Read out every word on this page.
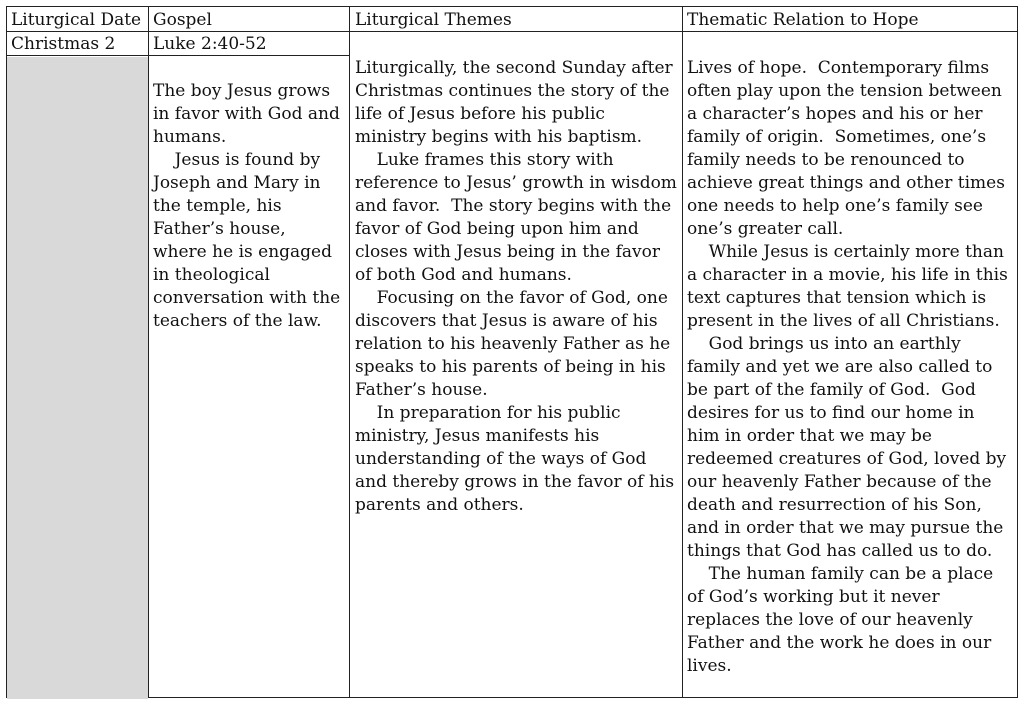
Liturgical Date Gospel	Liturgical Themes	Thematic Relation to Hope
Christmas 2 Luke 2:40-52
The boy Jesus grows
in favor with God and
humans.
Jesus is found by
Joseph and Mary in
the temple, his
Father’s house,
where he is engaged
in theological
conversation with the
teachers of the law.
Liturgically, the second Sunday after
Christmas continues the story of the
life of Jesus before his public
ministry begins with his baptism.
Luke frames this story with
reference to Jesus’ growth in wisdom
and favor.  The story begins with the
favor of God being upon him and
closes with Jesus being in the favor
of both God and humans.
Focusing on the favor of God, one
discovers that Jesus is aware of his
relation to his heavenly Father as he
speaks to his parents of being in his
Father’s house.
In preparation for his public
ministry, Jesus manifests his
understanding of the ways of God
and thereby grows in the favor of his
parents and others.
Lives of hope.  Contemporary films
often play upon the tension between
a character’s hopes and his or her
family of origin.  Sometimes, one’s
family needs to be renounced to
achieve great things and other times
one needs to help one’s family see
one’s greater call.
While Jesus is certainly more than
a character in a movie, his life in this
text captures that tension which is
present in the lives of all Christians.
God brings us into an earthly
family and yet we are also called to
be part of the family of God.  God
desires for us to find our home in
him in order that we may be
redeemed creatures of God, loved by
our heavenly Father because of the
death and resurrection of his Son,
and in order that we may pursue the
things that God has called us to do.
The human family can be a place
of God’s working but it never
replaces the love of our heavenly
Father and the work he does in our
lives.
